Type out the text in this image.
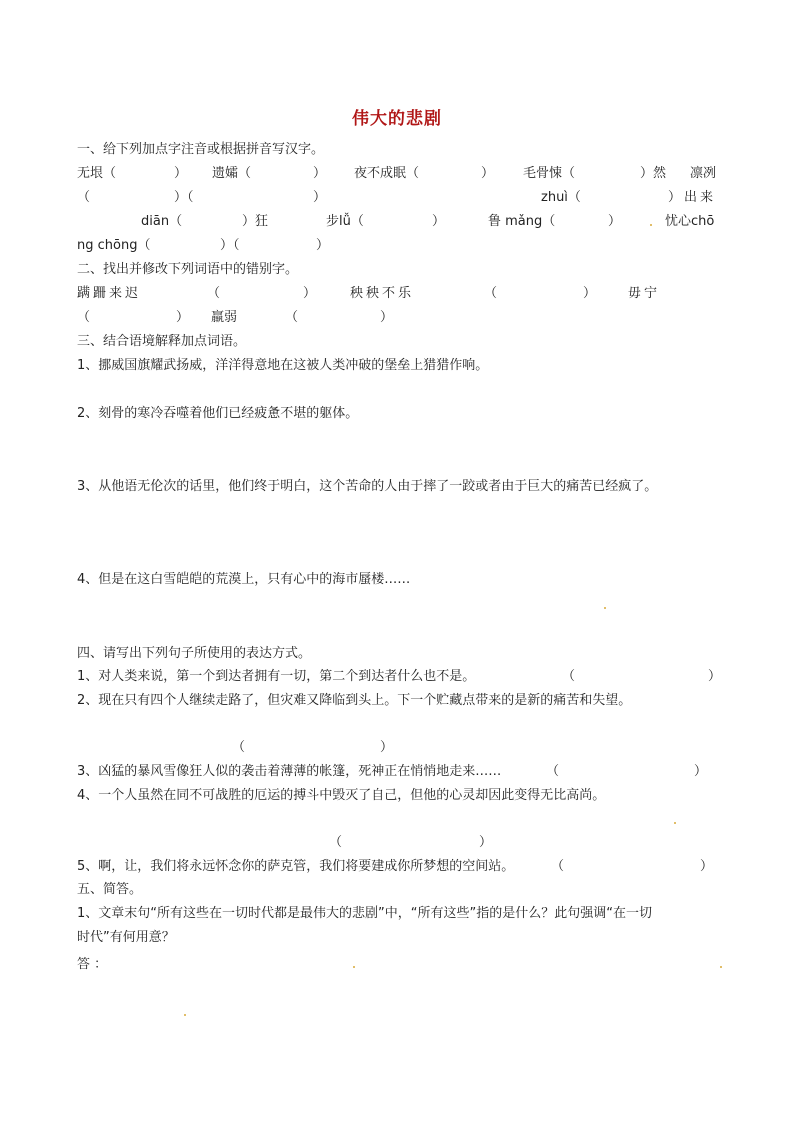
伟大的悲剧
一、给下列加点字注音或根据拼音写汉字。
无垠（	） 遗孀（	） 夜不成眠（	） 毛骨悚（	）然 凛冽
（	）（	）	zhuì（	）出来
diān（	）狂	步lǚ（	）	鲁 mǎng（	）	忧心chō
ng chōng（	）（	）
二、找出并修改下列词语中的错别字。
蹒跚来迟	（	）	秧秧不乐	（	） 毋宁
（	） 羸弱	（	）
三、结合语境解释加点词语。
1、挪威国旗耀武扬威，洋洋得意地在这被人类冲破的堡垒上猎猎作响。
2、刻骨的寒冷吞噬着他们已经疲惫不堪的躯体。
3、从他语无伦次的话里，他们终于明白，这个苦命的人由于摔了一跤或者由于巨大的痛苦已经疯了。
4、但是在这白雪皑皑的荒漠上，只有心中的海市蜃楼……
四、请写出下列句子所使用的表达方式。
1、对人类来说，第一个到达者拥有一切，第二个到达者什么也不是。	（	）
2、现在只有四个人继续走路了，但灾难又降临到头上。下一个贮藏点带来的是新的痛苦和失望。
（	）
3、凶猛的暴风雪像狂人似的袭击着薄薄的帐篷，死神正在悄悄地走来……	（	）
4、一个人虽然在同不可战胜的厄运的搏斗中毁灭了自己，但他的心灵却因此变得无比高尚。
（	）
5、啊，让，我们将永远怀念你的萨克管，我们将要建成你所梦想的空间站。	（	）
五、简答。
1、文章末句“所有这些在一切时代都是最伟大的悲剧”中，“所有这些”指的是什么？此句强调“在一切
时代”有何用意？
答 ：
